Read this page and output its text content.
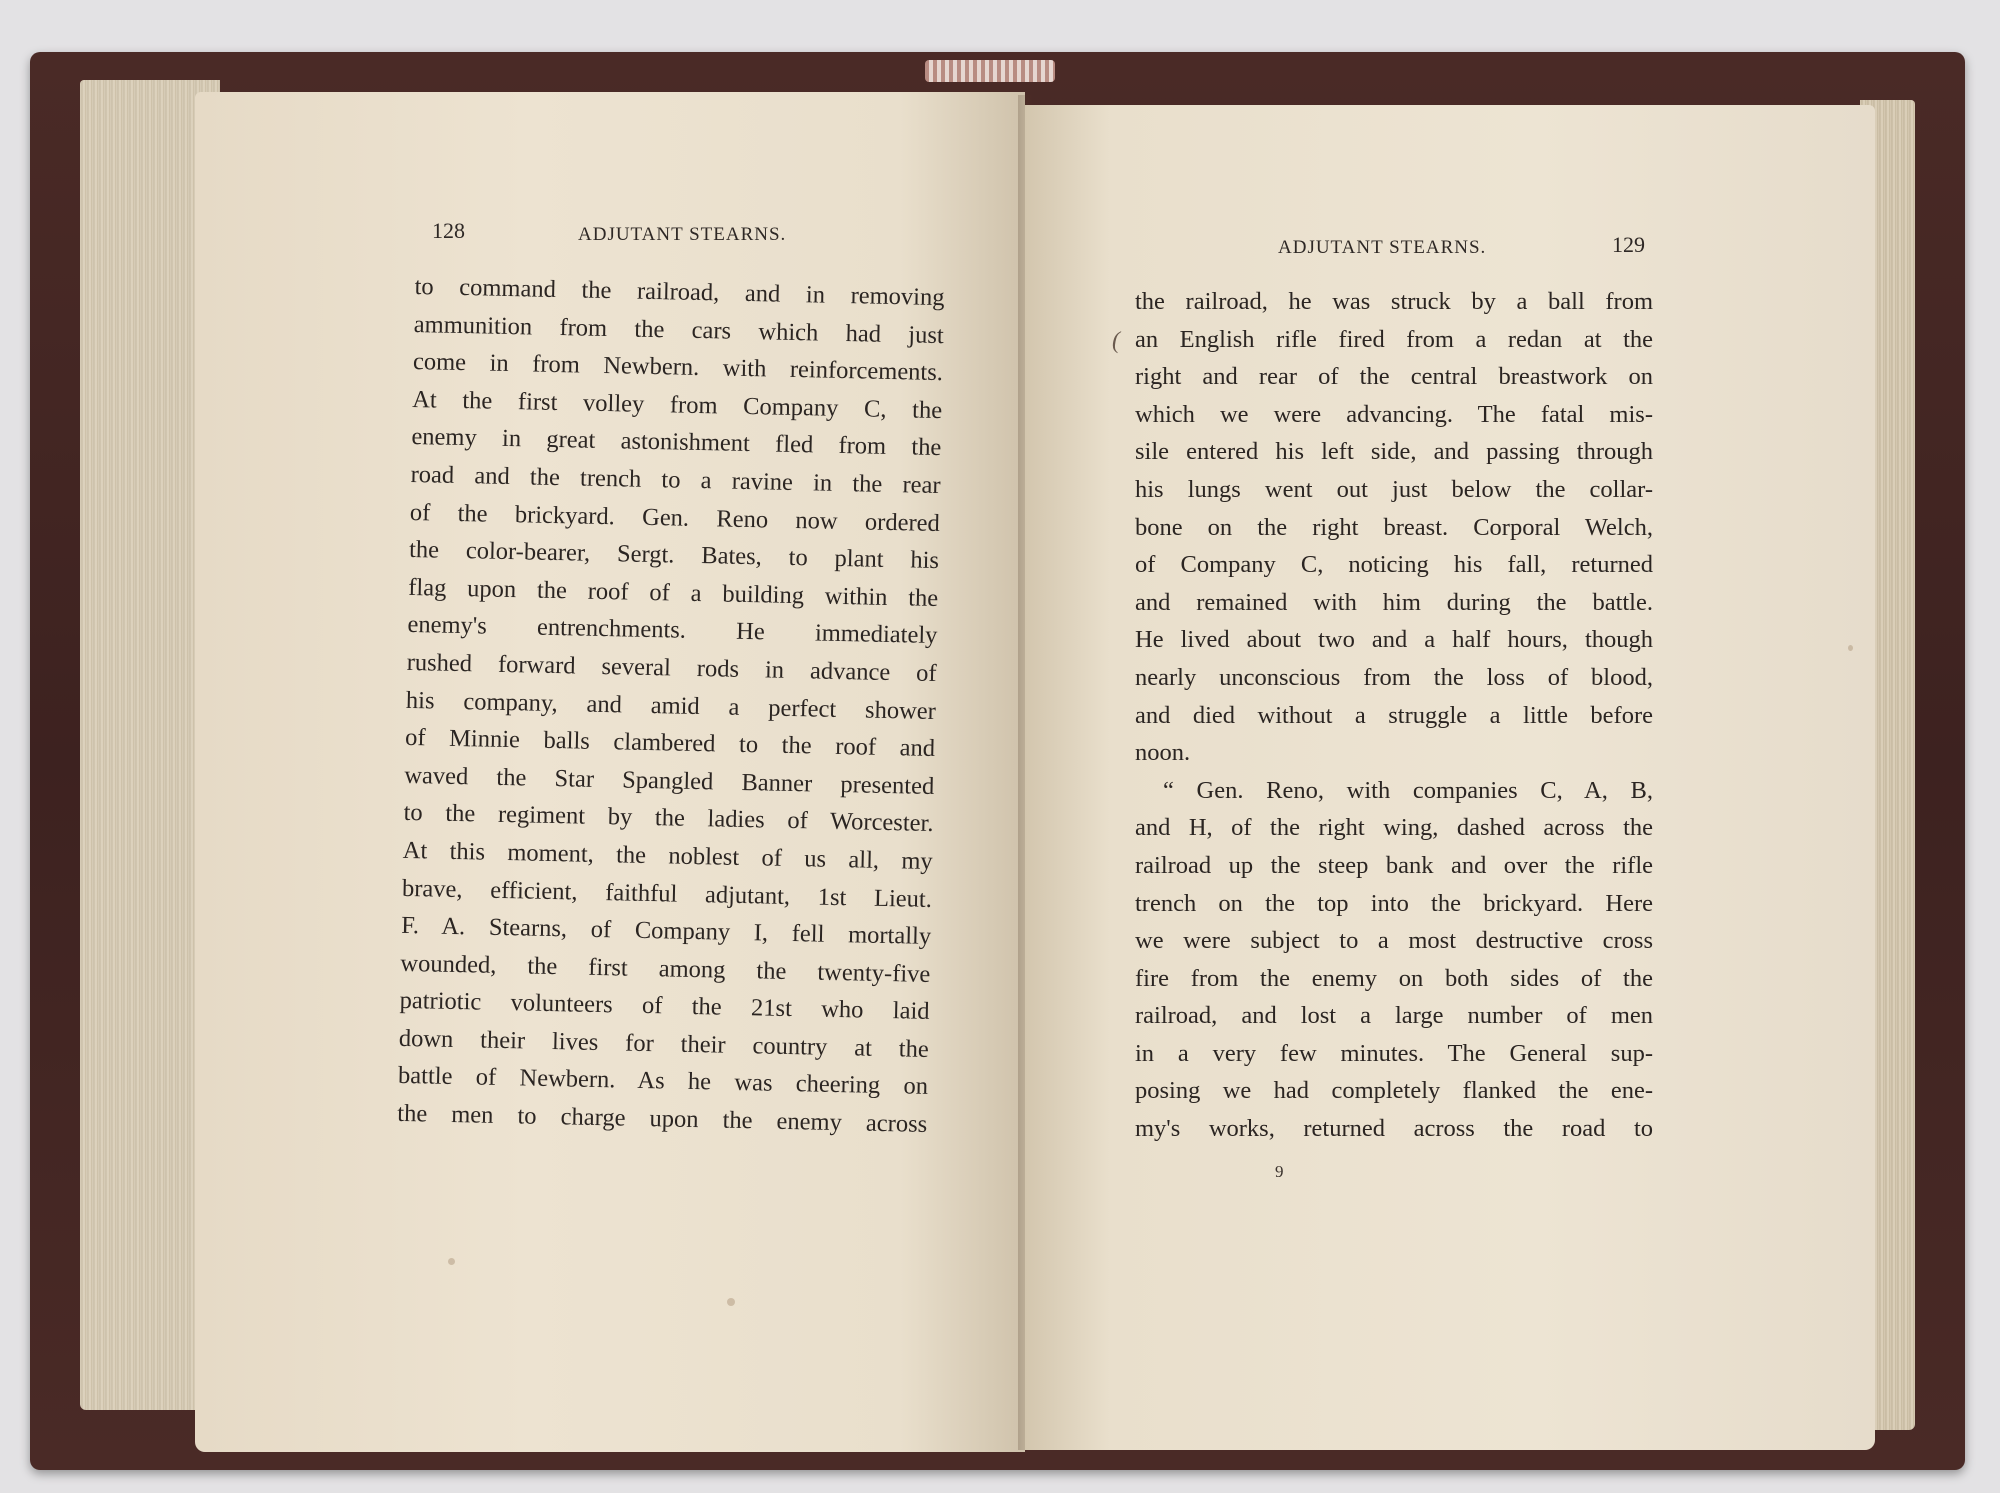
128	ADJUTANT STEARNS.
to command the railroad, and in removing
ammunition from the cars which had just
come in from Newbern. with reinforcements.
At the first volley from Company C, the
enemy in great astonishment fled from the
road and the trench to a ravine in the rear
of the brickyard. Gen. Reno now ordered
the color-bearer, Sergt. Bates, to plant his
flag upon the roof of a building within the
enemy's entrenchments. He immediately
rushed forward several rods in advance of
his company, and amid a perfect shower
of Minnie balls clambered to the roof and
waved the Star Spangled Banner presented
to the regiment by the ladies of Worcester.
At this moment, the noblest of us all, my
brave, efficient, faithful adjutant, 1st Lieut.
F. A. Stearns, of Company I, fell mortally
wounded, the first among the twenty-five
patriotic volunteers of the 21st who laid
down their lives for their country at the
battle of Newbern. As he was cheering on
the men to charge upon the enemy across
ADJUTANT STEARNS.	129
(
the railroad, he was struck by a ball from
an English rifle fired from a redan at the
right and rear of the central breastwork on
which we were advancing. The fatal mis-
sile entered his left side, and passing through
his lungs went out just below the collar-
bone on the right breast. Corporal Welch,
of Company C, noticing his fall, returned
and remained with him during the battle.
He lived about two and a half hours, though
nearly unconscious from the loss of blood,
and died without a struggle a little before
noon.
“ Gen. Reno, with companies C, A, B,
and H, of the right wing, dashed across the
railroad up the steep bank and over the rifle
trench on the top into the brickyard. Here
we were subject to a most destructive cross
fire from the enemy on both sides of the
railroad, and lost a large number of men
in a very few minutes. The General sup-
posing we had completely flanked the ene-
my's works, returned across the road to
9
